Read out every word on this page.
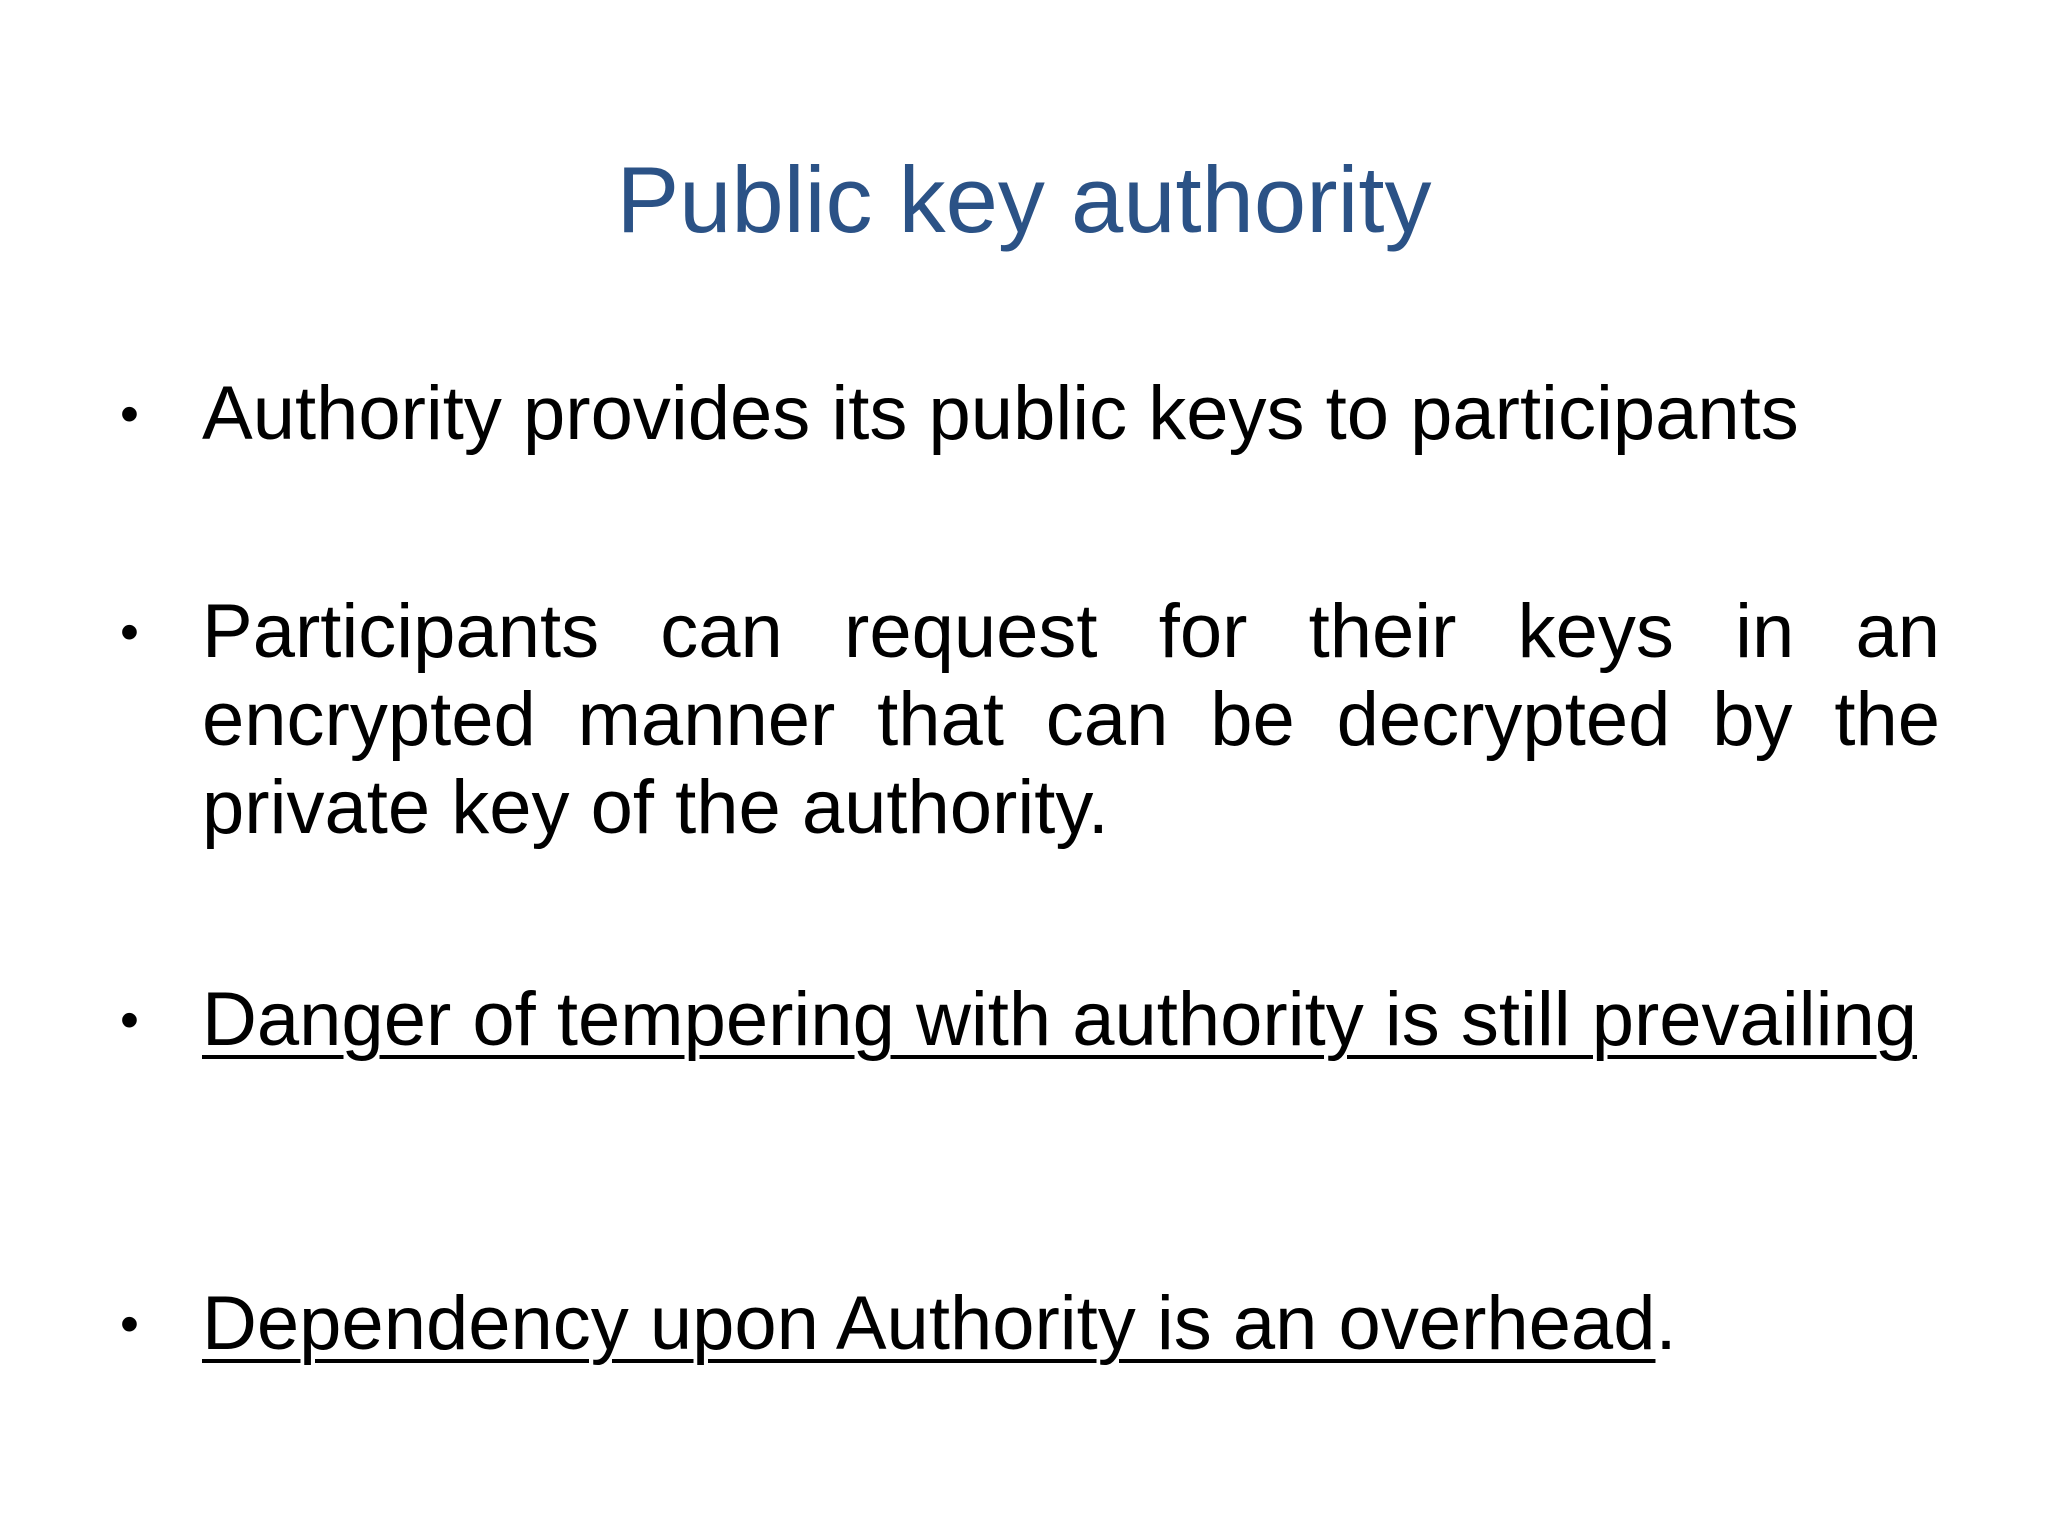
Public key authority
• Authority provides its public keys to participants
• Participants can request for their keys in an encrypted manner that can be decrypted by the private key of the authority.
• Danger of tempering with authority is still prevailing
• Dependency upon Authority is an overhead.
